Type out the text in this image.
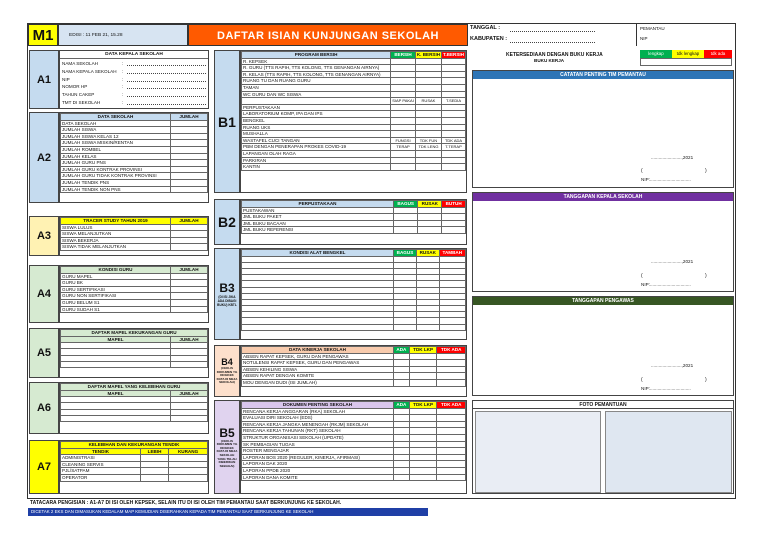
M1	EDISI : 11 FEB 21, 15.28	DAFTAR ISIAN KUNJUNGAN SEKOLAH
TANGGAL :
KABUPATEN :
PEMANTAU
NIP
A1
DATA KEPALA SEKOLAH
NAMA SEKOLAH	:
NAMA KEPALA SEKOLAH	:
NIP	:
NOMOR HP	:
TAHUN CAKEP	:
TMT DI SEKOLAH	:
A2
DATA SEKOLAH	JUMLAH
DATA SEKOLAH	
JUMLAH SISWA	
JUMLAH SISWA KELAS 12	
JUMLAH SISWA MISKIN/RENTAN	
JUMLAH ROMBEL	
JUMLAH KELAS	
JUMLAH GURU PNS	
JUMLAH GURU KONTRAK PROVINSI	
JUMLAH GURU TIDAK KONTRAK PROVINSI	
JUMLAH TENDIK PNS	
JUMLAH TENDIK NON PNS	
A3
TRACER STUDY TAHUN 2019	JUMLAH
SISWA LULUS	
SISWA MELANJUTKAN	
SISWA BEKERJA	
SISWA TIDAK MELANJUTKAN	
A4
KONDISI GURU	JUMLAH
GURU MAPEL	
GURU BK	
GURU SERTIFIKASI	
GURU NON SERTIFIKASI	
GURU BELUM S1	
GURU SUDAH S1	
A5
DAFTAR MAPEL KEKURANGAN GURU	
MAPEL	JUMLAH

A6
DAFTAR MAPEL YANG KELEBIHAN GURU	
MAPEL	JUMLAH

A7
KELEBIHAN DAN KEKURANGAN TENDIK		
TENDIK	LEBIH	KURANG
ADMINISTRASI		
CLEANING SERVIS		
PJL/SATPAM		
OPERATOR		
B1
PROGRAM BERSIH	BERSIH	K. BERSIH	T.BERSIH
R. KEPSEK			
R. GURU (TTS RAPIH, TTS KOLONG, TTS GENANGAN AIRNYA)			
R. KELAS (TTS RAPIH, TTS KOLONG, TTS GENANGAN AIRNYA)			
RUANG TU DAN RUANG GURU			
TAMAN			
WC GURU DAN WC SISWA			
	SIAP PAKAI	RUSAK	T.SEDIA
PERPUSTAKAAN			
LABORATORIUM KOMP, IPA DAN IPS			
BENGKEL			
RUANG UKS			
MUSHALLA			
WASTAFEL CUCI TANGAN	FUNGSI	TDK FUN	TDK ADA
PBM DENGAN PENERAPAN PROKES COVID-19	TERAP	TDK LENG	T.TERAP
LAPANGAN OLAH RAGA			
PARKIRAN			
KANTIN			
B2
PERPUSTAKAAN	BAGUS	RUSAK	BUTUH
PUSTAKAWAN			
JML BUKU PAKET			
JML BUKU BACAAN			
JML BUKU REFERENSI			
B3
(DI ISI JIKA ADA DIBAGI BUKU) KBTL
KONDISI ALAT BENGKEL	BAGUS	RUSAK	TAMBAH

B4
(CEKLIS DOKUMEN YG DICEKEK DATA DI MEJA SEKOLAH)
DATA KINERJA SEKOLAH	ADA	TDK LKP	TDK ADA
ABSEN RAPAT KEPSEK, GURU DAN PENGAWAS			
NOTULENSI RAPAT KEPSEK, GURU DAN PENGAWAS			
ABSEN KEHILING SISWA			
ABSEN RAPAT DENGAN KOMITE			
MOU DENGAN DUDI (ISI JUMLAH)			
B5
(CEKLIS DOKUMEN YG DICEKEK DATA DI MEJA SEKOLAH YANG TELAH DIBERIKAN SEBAGAI)
DOKUMEN PENTING SEKOLAH	ADA	TDK LKP	TDK ADA
RENCANA KERJA ANGGARAN (RKA) SEKOLAH			
EVALUASI DIRI SEKOLAH (EDS)			
RENCANA KERJA JANGKA MENENGAH (RKJM) SEKOLAH			
RENCANA KERJA TAHUNAN (RKT) SEKOLAH			
STRUKTUR ORGANISASI SEKOLAH (UPDATE)			
SK PEMBAGIAN TUGAS			
ROSTER MENGAJAR			
LAPORAN BOS 2020 (REGULER, KINERJA, AFIRMASI)			
LAPORAN DAK 2020			
LAPORAN PPDB 2020			
LAPORAN DANA KOMITE			
KETERSEDIAAN DENGAN BUKU KERJA
BUKU KERJA
lengkap	tdk lengkap	tdk ada
CATATAN PENTING TIM PEMANTAU
........................,2021
(	)
NIP:................................
TANGGAPAN KEPALA SEKOLAH
........................,2021
(	)
NIP:................................
TANGGAPAN PENGAWAS
........................,2021
(	)
NIP:................................
FOTO PEMANTUAN
TATACARA PENGISIAN : A1-A7 DI ISI OLEH KEPSEK, SELAIN ITU DI ISI OLEH TIM PEMANTAU SAAT BERKUNJUNG KE SEKOLAH.
DICETAK 2 EKS DAN DIMASUKAN KEDALAM MAP KEMUDIAN DISERAHKAN KEPADA TIM PEMANTAU SAAT BERKUNJUNG KE SEKOLAH
